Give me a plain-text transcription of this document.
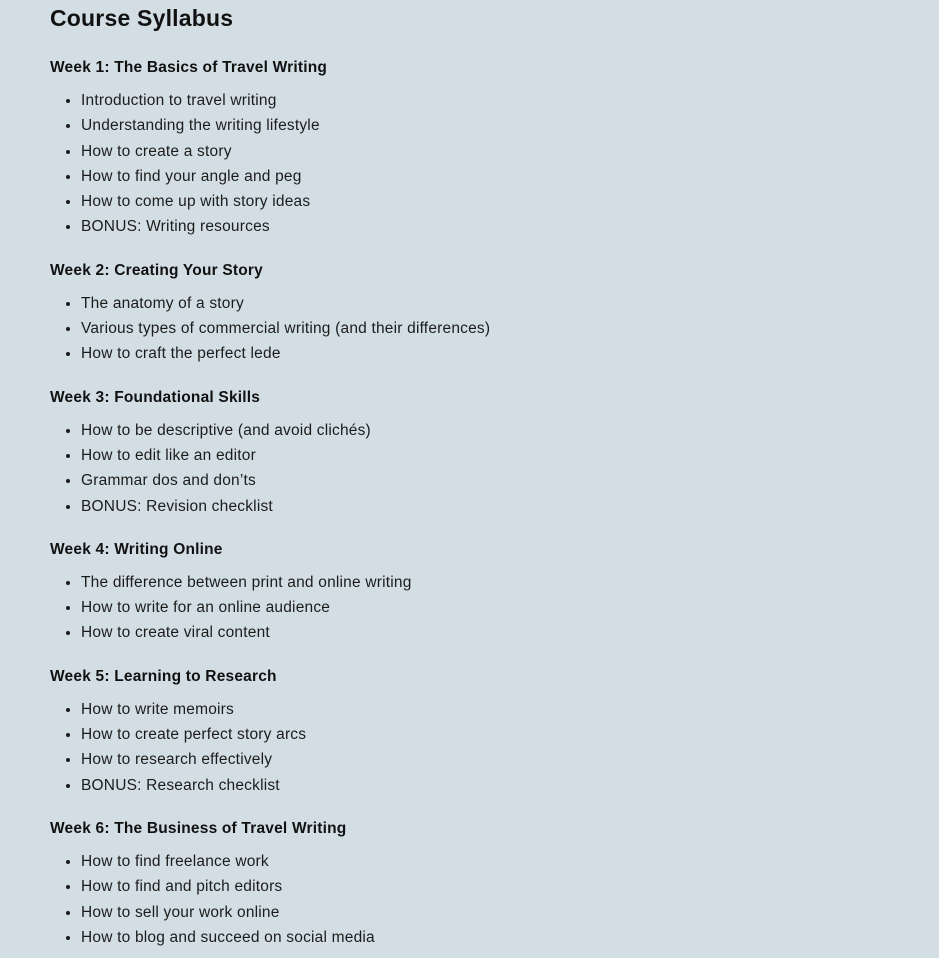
Course Syllabus
Week 1: The Basics of Travel Writing
• Introduction to travel writing
• Understanding the writing lifestyle
• How to create a story
• How to find your angle and peg
• How to come up with story ideas
• BONUS: Writing resources
Week 2: Creating Your Story
• The anatomy of a story
• Various types of commercial writing (and their differences)
• How to craft the perfect lede
Week 3: Foundational Skills
• How to be descriptive (and avoid clichés)
• How to edit like an editor
• Grammar dos and don’ts
• BONUS: Revision checklist
Week 4: Writing Online
• The difference between print and online writing
• How to write for an online audience
• How to create viral content
Week 5: Learning to Research
• How to write memoirs
• How to create perfect story arcs
• How to research effectively
• BONUS: Research checklist
Week 6: The Business of Travel Writing
• How to find freelance work
• How to find and pitch editors
• How to sell your work online
• How to blog and succeed on social media
